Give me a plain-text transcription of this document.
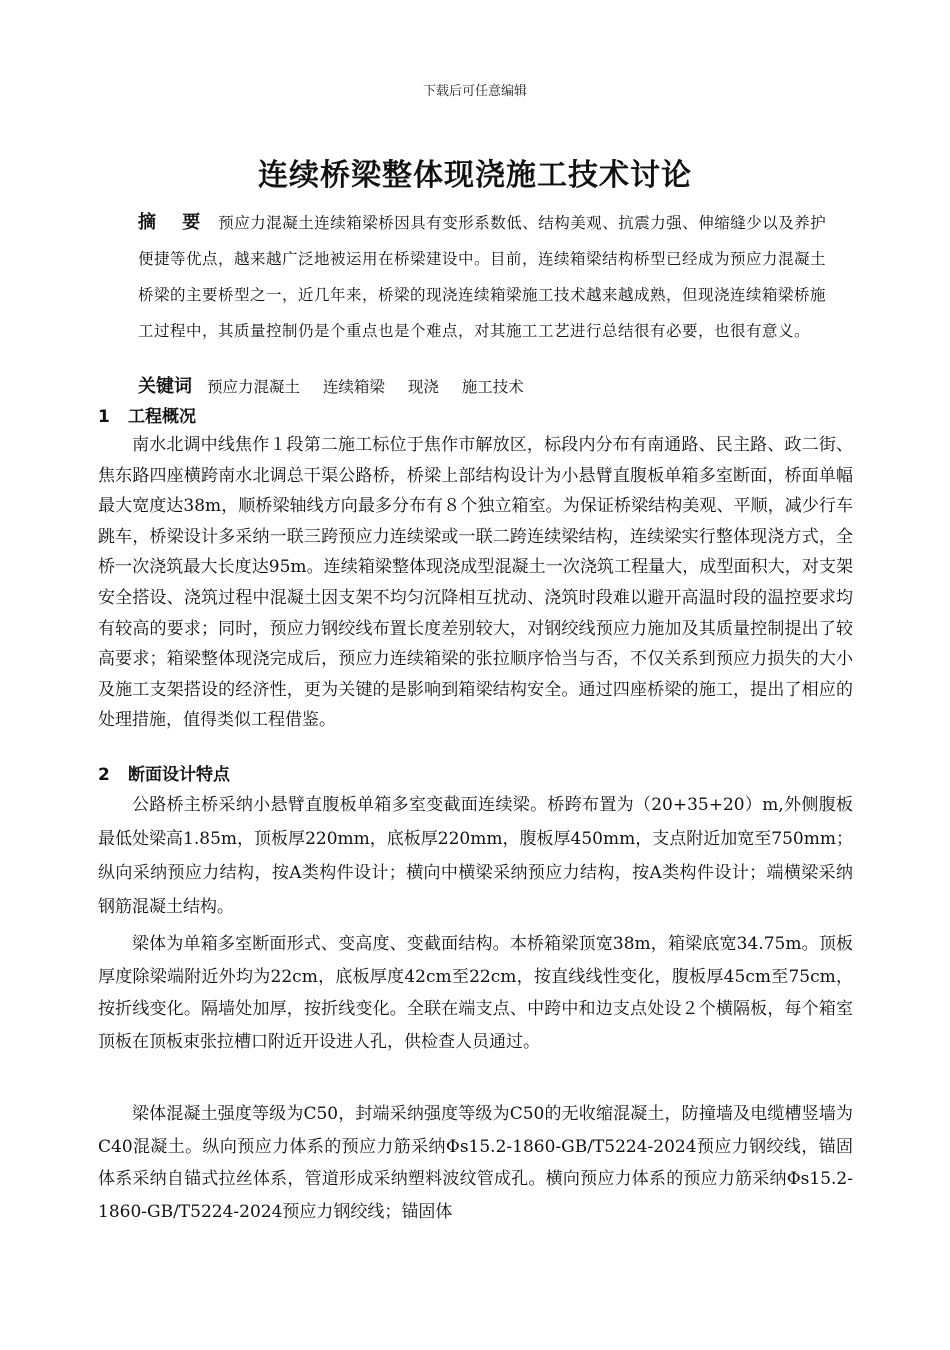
下载后可任意编辑
连续桥梁整体现浇施工技术讨论
摘 要 预应力混凝土连续箱梁桥因具有变形系数低、结构美观、抗震力强、伸缩缝少以及养护便捷等优点，越来越广泛地被运用在桥梁建设中。目前，连续箱梁结构桥型已经成为预应力混凝土桥梁的主要桥型之一，近几年来，桥梁的现浇连续箱梁施工技术越来越成熟，但现浇连续箱梁桥施工过程中，其质量控制仍是个重点也是个难点，对其施工工艺进行总结很有必要，也很有意义。
关键词 预应力混凝土 连续箱梁 现浇 施工技术
1 工程概况
南水北调中线焦作１段第二施工标位于焦作市解放区，标段内分布有南通路、民主路、政二街、焦东路四座横跨南水北调总干渠公路桥，桥梁上部结构设计为小悬臂直腹板单箱多室断面，桥面单幅最大宽度达38m，顺桥梁轴线方向最多分布有８个独立箱室。为保证桥梁结构美观、平顺，减少行车跳车，桥梁设计多采纳一联三跨预应力连续梁或一联二跨连续梁结构，连续梁实行整体现浇方式，全桥一次浇筑最大长度达95m。连续箱梁整体现浇成型混凝土一次浇筑工程量大，成型面积大，对支架安全搭设、浇筑过程中混凝土因支架不均匀沉降相互扰动、浇筑时段难以避开高温时段的温控要求均有较高的要求；同时，预应力钢绞线布置长度差别较大，对钢绞线预应力施加及其质量控制提出了较高要求；箱梁整体现浇完成后，预应力连续箱梁的张拉顺序恰当与否，不仅关系到预应力损失的大小及施工支架搭设的经济性，更为关键的是影响到箱梁结构安全。通过四座桥梁的施工，提出了相应的处理措施，值得类似工程借鉴。
2 断面设计特点
公路桥主桥采纳小悬臂直腹板单箱多室变截面连续梁。桥跨布置为（20+35+20）m,外侧腹板最低处梁高1.85m，顶板厚220mm，底板厚220mm，腹板厚450mm，支点附近加宽至750mm；纵向采纳预应力结构，按A类构件设计；横向中横梁采纳预应力结构，按A类构件设计；端横梁采纳钢筋混凝土结构。
梁体为单箱多室断面形式、变高度、变截面结构。本桥箱梁顶宽38m，箱梁底宽34.75m。顶板厚度除梁端附近外均为22cm，底板厚度42cm至22cm，按直线线性变化，腹板厚45cm至75cm，按折线变化。隔墙处加厚，按折线变化。全联在端支点、中跨中和边支点处设２个横隔板，每个箱室顶板在顶板束张拉槽口附近开设进人孔，供检查人员通过。
梁体混凝土强度等级为C50，封端采纳强度等级为C50的无收缩混凝土，防撞墙及电缆槽竖墙为C40混凝土。纵向预应力体系的预应力筋采纳Φs15.2-1860-GB/T5224-2024预应力钢绞线，锚固体系采纳自锚式拉丝体系，管道形成采纳塑料波纹管成孔。横向预应力体系的预应力筋采纳Φs15.2-1860-GB/T5224-2024预应力钢绞线；锚固体
